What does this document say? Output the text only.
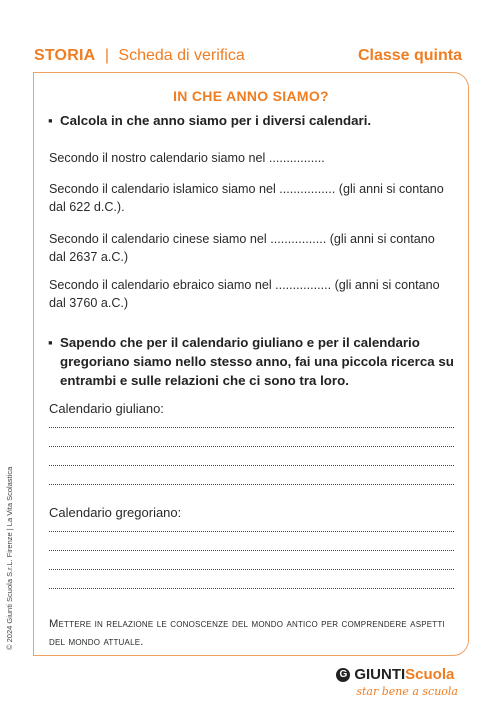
STORIA | Scheda di verifica	Classe quinta
IN CHE ANNO SIAMO?
▪ Calcola in che anno siamo per i diversi calendari.
Secondo il nostro calendario siamo nel ................
Secondo il calendario islamico siamo nel ................ (gli anni si contano dal 622 d.C.).
Secondo il calendario cinese siamo nel ................ (gli anni si contano dal 2637 a.C.)
Secondo il calendario ebraico siamo nel ................ (gli anni si contano dal 3760 a.C.)
▪ Sapendo che per il calendario giuliano e per il calendario gregoriano siamo nello stesso anno, fai una piccola ricerca su entrambi e sulle relazioni che ci sono tra loro.
Calendario giuliano:
Calendario gregoriano:
Mettere in relazione le conoscenze del mondo antico per comprendere aspetti del mondo attuale.
© 2024 Giunti Scuola S.r.L. Firenze | La Vita Scolastica
G GIUNTI Scuola
star bene a scuola
